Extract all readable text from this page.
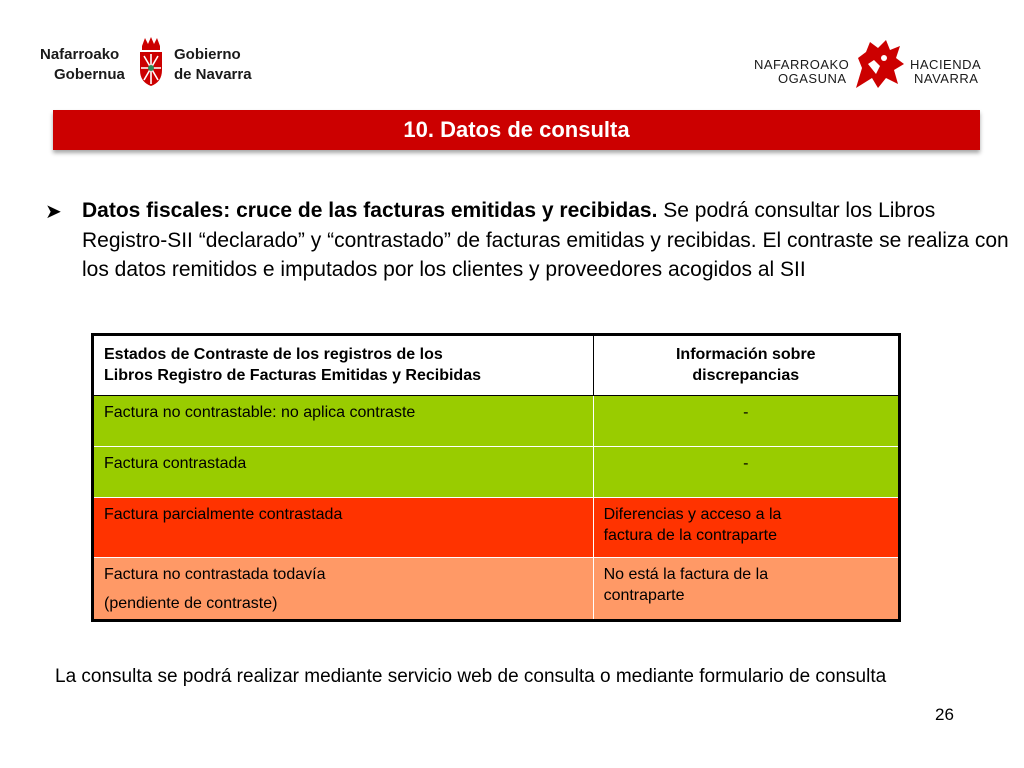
Nafarroako
Gobernua
Gobierno
de Navarra
NAFARROAKO
OGASUNA
HACIENDA
NAVARRA
10. Datos de consulta
➤ Datos fiscales: cruce de las facturas emitidas y recibidas. Se podrá consultar los Libros Registro-SII “declarado” y “contrastado” de facturas emitidas y recibidas. El contraste se realiza con los datos remitidos e imputados por los clientes y proveedores acogidos al SII
Estados de Contraste de los registros de los
Libros Registro de Facturas Emitidas y Recibidas	Información sobre
discrepancias

Factura no contrastable: no aplica contraste	-

Factura contrastada	-

Factura parcialmente contrastada	Diferencias y acceso a la
factura de la contraparte

Factura no contrastada todavía
(pendiente de contraste)	No está la factura de la
contraparte
La consulta se podrá realizar mediante servicio web de consulta o mediante formulario de consulta
26
